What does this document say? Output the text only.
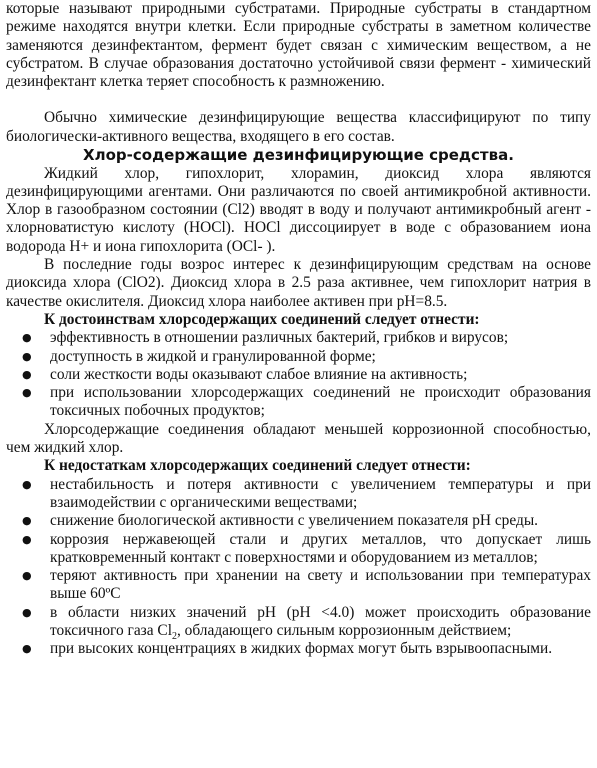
которые называют природными субстратами. Природные субстраты в стандартном режиме находятся внутри клетки. Если природные субстраты в заметном количестве заменяются дезинфектантом, фермент будет связан с химическим веществом, а не субстратом. В случае образования достаточно устойчивой связи фермент - химический дезинфектант клетка теряет способность к размножению.

Обычно химические дезинфицирующие вещества классифицируют по типу биологически-активного вещества, входящего в его состав.

Хлор-содержащие дезинфицирующие средства.

Жидкий хлор, гипохлорит, хлорамин, диоксид хлора являются дезинфицирующими агентами. Они различаются по своей антимикробной активности. Хлор в газообразном состоянии (Cl2) вводят в воду и получают антимикробный агент - хлорноватистую кислоту (HOCl). HOCl диссоциирует в воде с образованием иона водорода H+ и иона гипохлорита (OCl- ).

В последние годы возрос интерес к дезинфицирующим средствам на основе диоксида хлора (ClO2). Диоксид хлора в 2.5 раза активнее, чем гипохлорит натрия в качестве окислителя. Диоксид хлора наиболее активен при pH=8.5.

К достоинствам хлорсодержащих соединений следует отнести:

● эффективность в отношении различных бактерий, грибков и вирусов;
● доступность в жидкой и гранулированной форме;
● соли жесткости воды оказывают слабое влияние на активность;
● при использовании хлорсодержащих соединений не происходит образования токсичных побочных продуктов;

Хлорсодержащие соединения обладают меньшей коррозионной способностью, чем жидкий хлор.

К недостаткам хлорсодержащих соединений следует отнести:

● нестабильность и потеря активности с увеличением температуры и при взаимодействии с органическими веществами;
● снижение биологической активности с увеличением показателя pH среды.
● коррозия нержавеющей стали и других металлов, что допускает лишь кратковременный контакт с поверхностями и оборудованием из металлов;
● теряют активность при хранении на свету и использовании при температурах выше 60ºС
● в области низких значений pH (pH <4.0) может происходить образование токсичного газа $Cl_2$, обладающего сильным коррозионным действием;
● при высоких концентрациях в жидких формах могут быть взрывоопасными.
